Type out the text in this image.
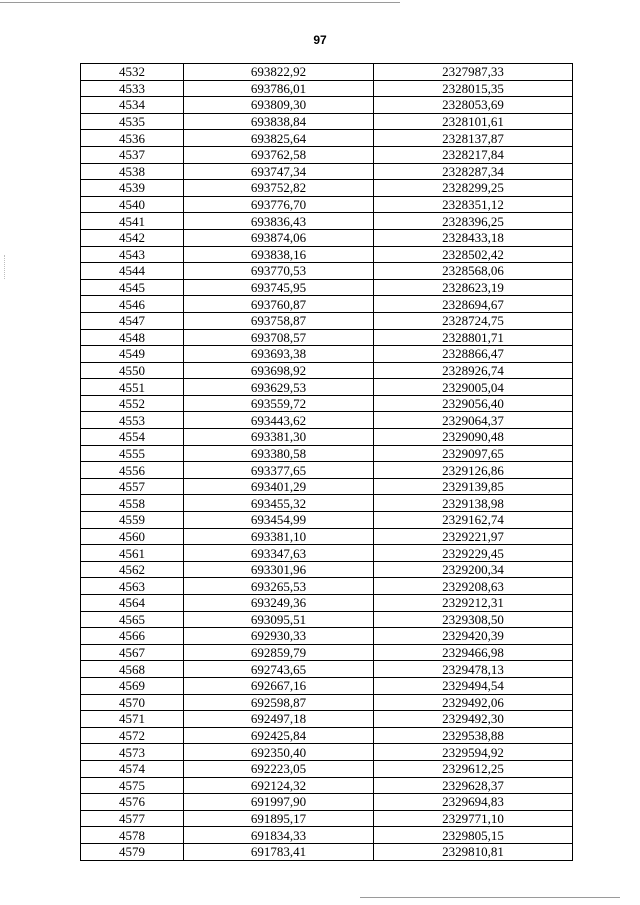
97
4532	693822,92	2327987,33
4533	693786,01	2328015,35
4534	693809,30	2328053,69
4535	693838,84	2328101,61
4536	693825,64	2328137,87
4537	693762,58	2328217,84
4538	693747,34	2328287,34
4539	693752,82	2328299,25
4540	693776,70	2328351,12
4541	693836,43	2328396,25
4542	693874,06	2328433,18
4543	693838,16	2328502,42
4544	693770,53	2328568,06
4545	693745,95	2328623,19
4546	693760,87	2328694,67
4547	693758,87	2328724,75
4548	693708,57	2328801,71
4549	693693,38	2328866,47
4550	693698,92	2328926,74
4551	693629,53	2329005,04
4552	693559,72	2329056,40
4553	693443,62	2329064,37
4554	693381,30	2329090,48
4555	693380,58	2329097,65
4556	693377,65	2329126,86
4557	693401,29	2329139,85
4558	693455,32	2329138,98
4559	693454,99	2329162,74
4560	693381,10	2329221,97
4561	693347,63	2329229,45
4562	693301,96	2329200,34
4563	693265,53	2329208,63
4564	693249,36	2329212,31
4565	693095,51	2329308,50
4566	692930,33	2329420,39
4567	692859,79	2329466,98
4568	692743,65	2329478,13
4569	692667,16	2329494,54
4570	692598,87	2329492,06
4571	692497,18	2329492,30
4572	692425,84	2329538,88
4573	692350,40	2329594,92
4574	692223,05	2329612,25
4575	692124,32	2329628,37
4576	691997,90	2329694,83
4577	691895,17	2329771,10
4578	691834,33	2329805,15
4579	691783,41	2329810,81
